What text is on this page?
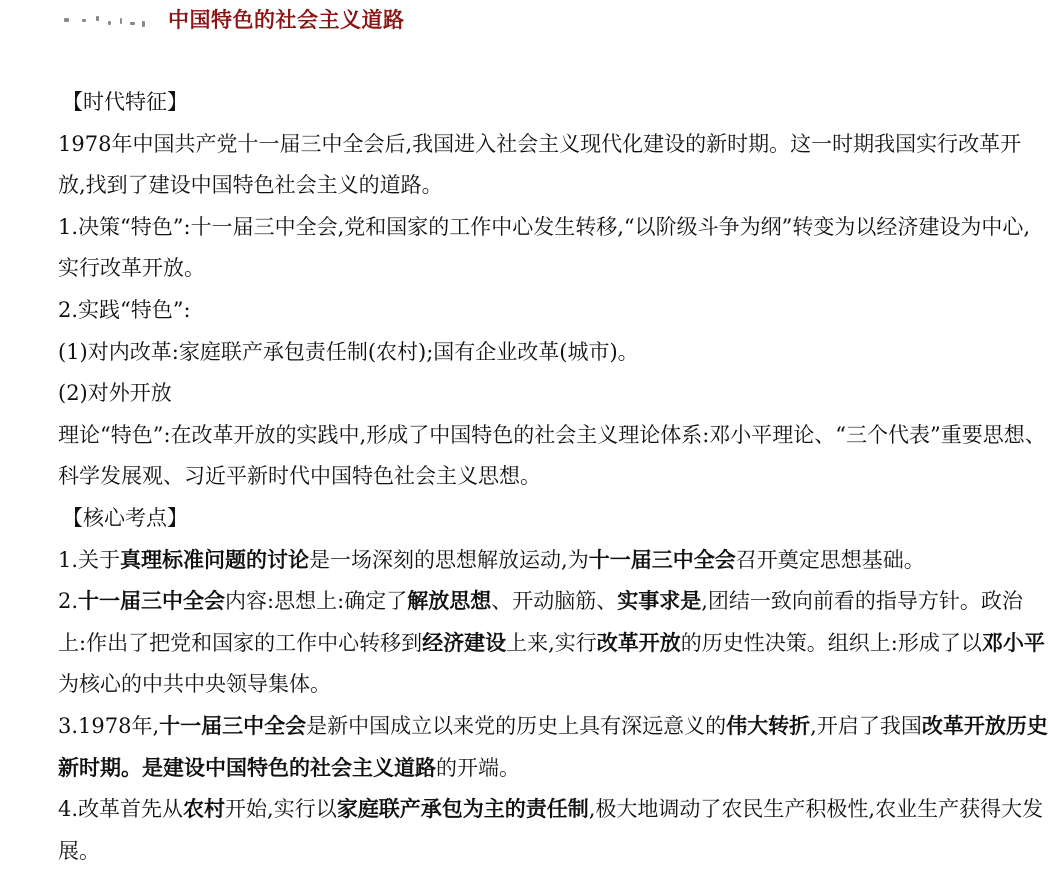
中国特色的社会主义道路

【时代特征】

1978年中国共产党十一届三中全会后,我国进入社会主义现代化建设的新时期。这一时期我国实行改革开放,找到了建设中国特色社会主义的道路。

1.决策“特色”:十一届三中全会,党和国家的工作中心发生转移,“以阶级斗争为纲”转变为以经济建设为中心,实行改革开放。

2.实践“特色”:

(1)对内改革:家庭联产承包责任制(农村);国有企业改革(城市)。

(2)对外开放

理论“特色”:在改革开放的实践中,形成了中国特色的社会主义理论体系:邓小平理论、“三个代表”重要思想、科学发展观、习近平新时代中国特色社会主义思想。

【核心考点】

1.关于真理标准问题的讨论是一场深刻的思想解放运动,为十一届三中全会召开奠定思想基础。

2.十一届三中全会内容:思想上:确定了解放思想、开动脑筋、实事求是,团结一致向前看的指导方针。政治上:作出了把党和国家的工作中心转移到经济建设上来,实行改革开放的历史性决策。组织上:形成了以邓小平为核心的中共中央领导集体。

3.1978年,十一届三中全会是新中国成立以来党的历史上具有深远意义的伟大转折,开启了我国改革开放历史新时期。是建设中国特色的社会主义道路的开端。

4.改革首先从农村开始,实行以家庭联产承包为主的责任制,极大地调动了农民生产积极性,农业生产获得大发展。
